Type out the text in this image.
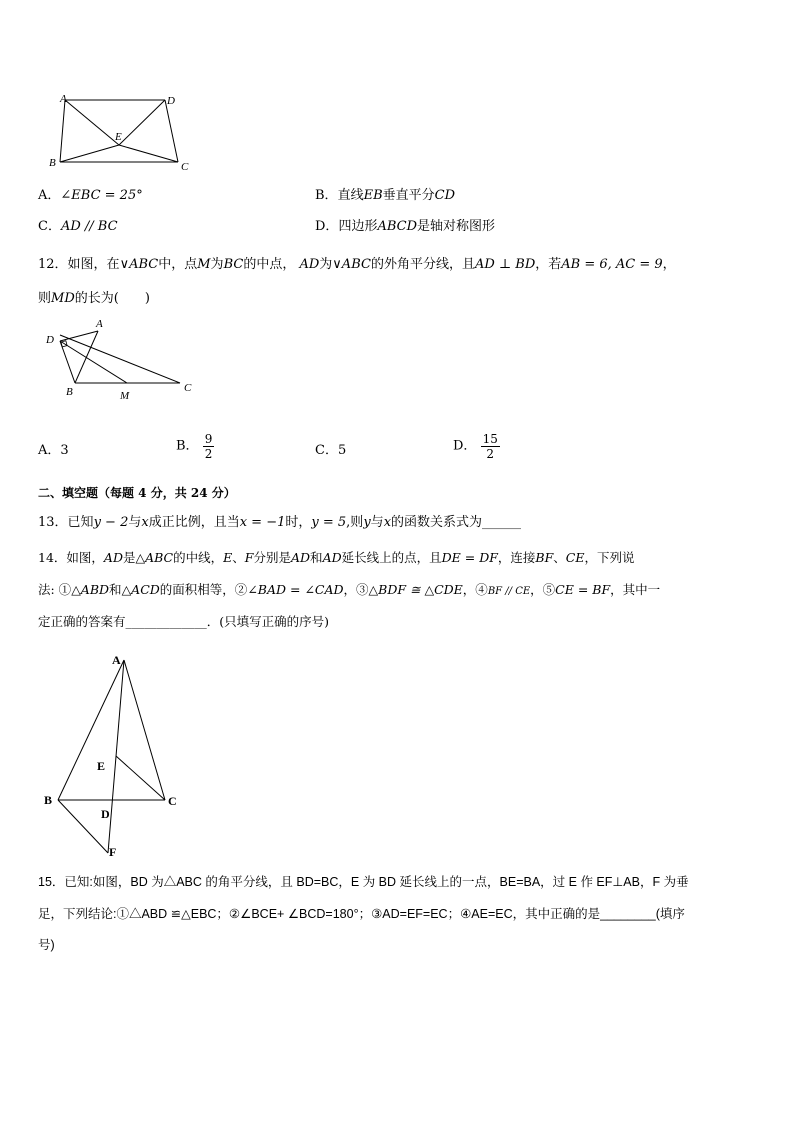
A	D
E
B	C
A．∠EBC = 25°	B．直线EB垂直平分CD
C．AD // BC	D．四边形ABCD是轴对称图形
12．如图，在∨ABC中，点M为BC的中点， AD为∨ABC的外角平分线，且AD ⊥ BD，若AB = 6, AC = 9，
则MD的长为(　　)
A
D
B	M
C
A．3	B． $\frac{9}{2}$	C．5	D． $\frac{15}{2}$
二、填空题（每题 4 分，共 24 分）
13．已知y − 2与x成正比例，且当x = −1时，y = 5,则y与x的函数关系式为______
14．如图，AD是△ABC的中线，E、F分别是AD和AD延长线上的点，且DE = DF，连接BF、CE，下列说
法: ①△ABD和△ACD的面积相等，②∠BAD = ∠CAD，③△BDF ≅ △CDE，④BF // CE，⑤CE = BF，其中一
定正确的答案有_____________．(只填写正确的序号)
A
E
B	C
D
F
15．已知:如图，BD 为△ABC 的角平分线，且 BD=BC，E 为 BD 延长线上的一点，BE=BA，过 E 作 EF⊥AB，F 为垂
足，下列结论:①△ABD ≌△EBC；②∠BCE+ ∠BCD=180°；③AD=EF=EC；④AE=EC，其中正确的是________(填序
号)
